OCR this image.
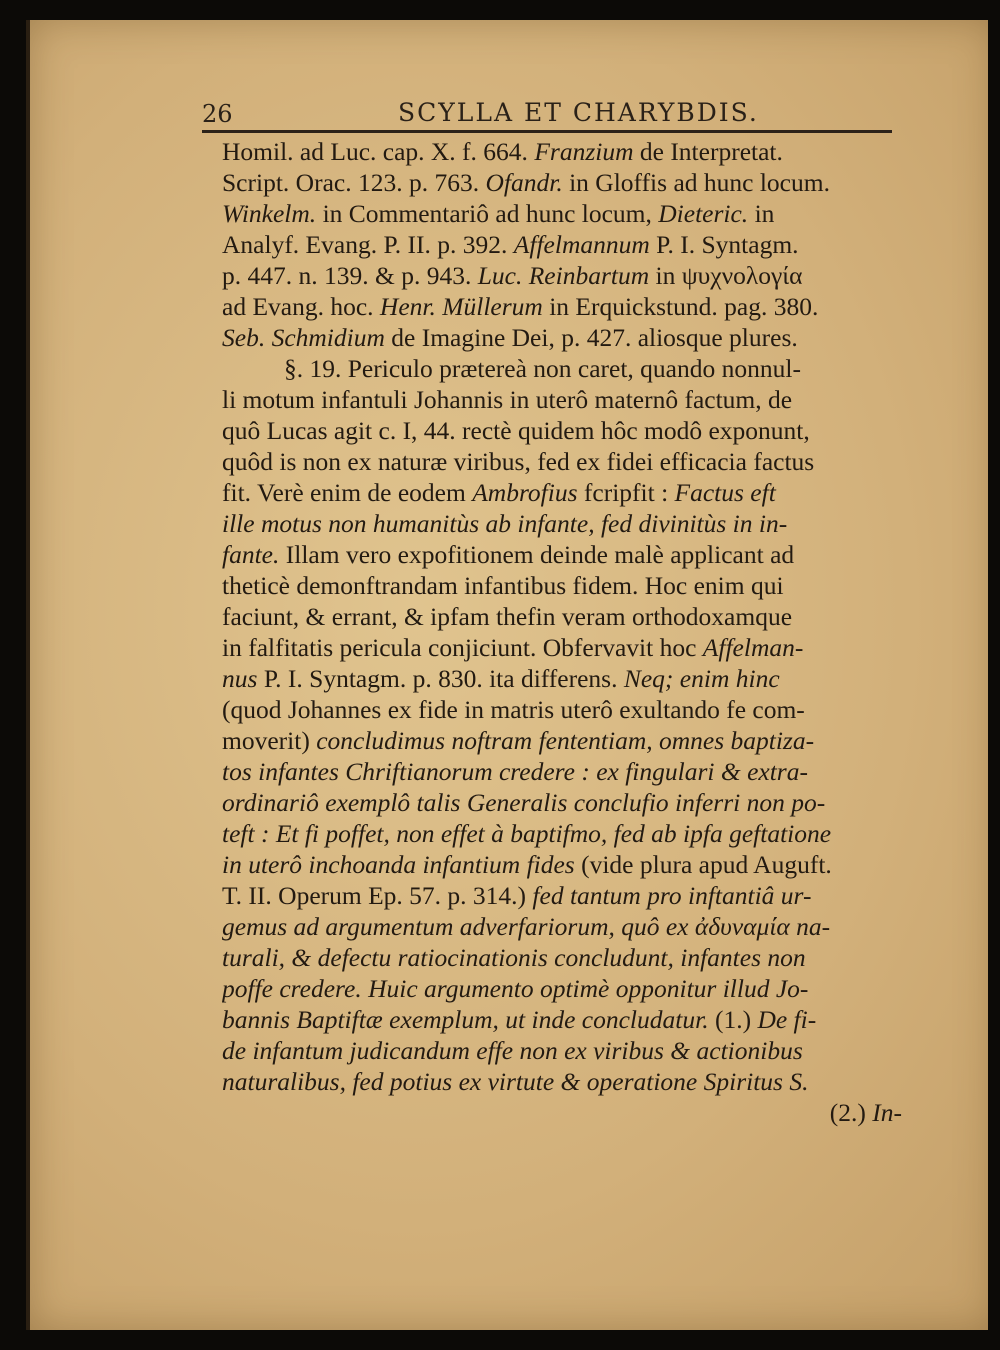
26	SCYLLA ET CHARYBDIS.
Homil. ad Luc. cap. X. f. 664. Franzium de Interpretat.
Script. Orac. 123. p. 763. Ofandr. in Gloffis ad hunc locum.
Winkelm. in Commentariô ad hunc locum, Dieteric. in
Analyf. Evang. P. II. p. 392. Affelmannum P. I. Syntagm.
p. 447. n. 139. & p. 943. Luc. Reinbartum in ψυχνολογία
ad Evang. hoc. Henr. Müllerum in Erquickstund. pag. 380.
Seb. Schmidium de Imagine Dei, p. 427. aliosque plures.
§. 19. Periculo prætereà non caret, quando nonnul-
li motum infantuli Johannis in uterô maternô factum, de
quô Lucas agit c. I, 44. rectè quidem hôc modô exponunt,
quôd is non ex naturæ viribus, fed ex fidei efficacia factus
fit. Verè enim de eodem Ambrofius fcripfit : Factus eft
ille motus non humanitùs ab infante, fed divinitùs in in-
fante. Illam vero expofitionem deinde malè applicant ad
theticè demonftrandam infantibus fidem. Hoc enim qui
faciunt, & errant, & ipfam thefin veram orthodoxamque
in falfitatis pericula conjiciunt. Obfervavit hoc Affelman-
nus P. I. Syntagm. p. 830. ita differens. Neq; enim hinc
(quod Johannes ex fide in matris uterô exultando fe com-
moverit) concludimus noftram fententiam, omnes baptiza-
tos infantes Chriftianorum credere : ex fingulari & extra-
ordinariô exemplô talis Generalis conclufio inferri non po-
teft : Et fi poffet, non effet à baptifmo, fed ab ipfa geftatione
in uterô inchoanda infantium fides (vide plura apud Auguft.
T. II. Operum Ep. 57. p. 314.) fed tantum pro inftantiâ ur-
gemus ad argumentum adverfariorum, quô ex ἀδυναμία na-
turali, & defectu ratiocinationis concludunt, infantes non
poffe credere. Huic argumento optimè opponitur illud Jo-
bannis Baptiftæ exemplum, ut inde concludatur. (1.) De fi-
de infantum judicandum effe non ex viribus & actionibus
naturalibus, fed potius ex virtute & operatione Spiritus S.
(2.) In-
